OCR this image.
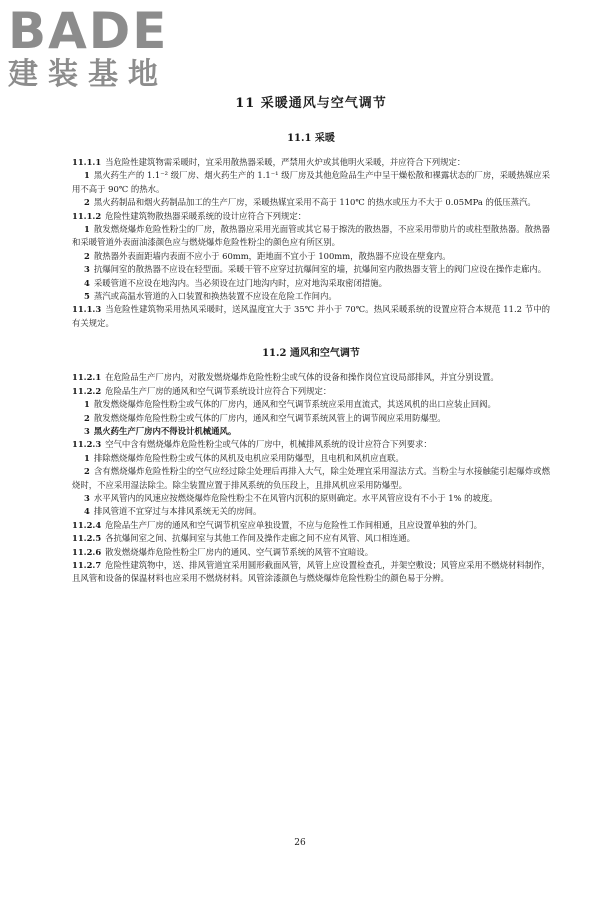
BADE
建装基地
11 采暖通风与空气调节
11.1 采暖

11.1.1 当危险性建筑物需采暖时，宜采用散热器采暖，严禁用火炉或其他明火采暖，并应符合下列规定：

1 黑火药生产的 1.1⁻² 级厂房、烟火药生产的 1.1⁻¹ 级厂房及其他危险品生产中呈干燥松散和裸露状态的厂房，采暖热媒应采用不高于 90℃ 的热水。

2 黑火药制品和烟火药制品加工的生产厂房，采暖热媒宜采用不高于 110℃ 的热水或压力不大于 0.05MPa 的低压蒸汽。

11.1.2 危险性建筑物散热器采暖系统的设计应符合下列规定：

1 散发燃烧爆炸危险性粉尘的厂房，散热器应采用光面管或其它易于擦洗的散热器，不应采用带肋片的或柱型散热器。散热器和采暖管道外表面油漆颜色应与燃烧爆炸危险性粉尘的颜色应有所区别。

2 散热器外表面距墙内表面不应小于 60mm，距地面不宜小于 100mm，散热器不应设在壁龛内。

3 抗爆间室的散热器不应设在轻型面。采暖干管不应穿过抗爆间室的墙，抗爆间室内散热器支管上的阀门应设在操作走廊内。

4 采暖管道不应设在地沟内。当必须设在过门地沟内时，应对地沟采取密闭措施。

5 蒸汽或高温水管道的入口装置和换热装置不应设在危险工作间内。

11.1.3 当危险性建筑物采用热风采暖时，送风温度宜大于 35℃ 并小于 70℃。热风采暖系统的设置应符合本规范 11.2 节中的有关规定。

11.2 通风和空气调节

11.2.1 在危险品生产厂房内，对散发燃烧爆炸危险性粉尘或气体的设备和操作岗位宜设局部排风，并宜分别设置。

11.2.2 危险品生产厂房的通风和空气调节系统设计应符合下列规定：

1 散发燃烧爆炸危险性粉尘或气体的厂房内，通风和空气调节系统应采用直流式，其送风机的出口应装止回阀。

2 散发燃烧爆炸危险性粉尘或气体的厂房内，通风和空气调节系统风管上的调节阀应采用防爆型。

3 黑火药生产厂房内不得设计机械通风。

11.2.3 空气中含有燃烧爆炸危险性粉尘或气体的厂房中，机械排风系统的设计应符合下列要求：

1 排除燃烧爆炸危险性粉尘或气体的风机及电机应采用防爆型，且电机和风机应直联。

2 含有燃烧爆炸危险性粉尘的空气应经过除尘处理后再排入大气，除尘处理宜采用湿法方式。当粉尘与水接触能引起爆炸或燃烧时，不应采用湿法除尘。除尘装置应置于排风系统的负压段上，且排风机应采用防爆型。

3 水平风管内的风速应按燃烧爆炸危险性粉尘不在风管内沉积的原则确定。水平风管应设有不小于 1% 的坡度。

4 排风管道不宜穿过与本排风系统无关的房间。

11.2.4 危险品生产厂房的通风和空气调节机室应单独设置，不应与危险性工作间相通，且应设置单独的外门。

11.2.5 各抗爆间室之间、抗爆间室与其他工作间及操作走廊之间不应有风管、风口相连通。

11.2.6 散发燃烧爆炸危险性粉尘厂房内的通风、空气调节系统的风管不宜暗设。

11.2.7 危险性建筑物中，送、排风管道宜采用圆形截面风管，风管上应设置检查孔，并架空敷设；风管应采用不燃烧材料制作，且风管和设备的保温材料也应采用不燃烧材料。风管涂漆颜色与燃烧爆炸危险性粉尘的颜色易于分辨。

26
